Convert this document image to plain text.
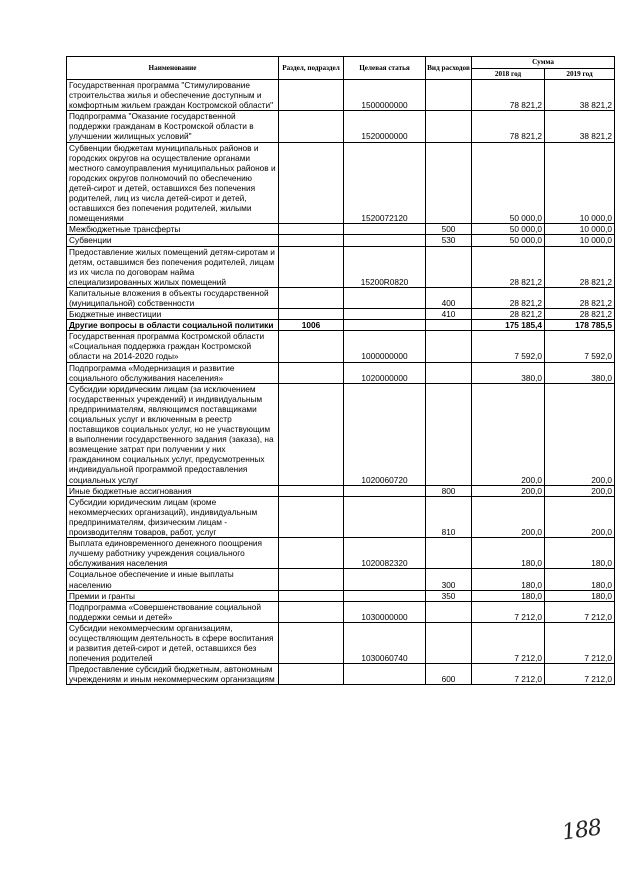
Наименование	Раздел, подраздел	Целевая статья	Вид расходов	Сумма	
				2018 год	2019 год
Государственная программа "Стимулирование строительства жилья и обеспечение доступным и комфортным жильем граждан Костромской области"		1500000000		78 821,2	38 821,2
Подпрограмма "Оказание государственной поддержки гражданам в Костромской области в улучшении жилищных условий"		1520000000		78 821,2	38 821,2
Субвенции бюджетам муниципальных районов и городских округов на осуществление органами местного самоуправления муниципальных районов и городских округов полномочий по обеспечению детей-сирот и детей, оставшихся без попечения родителей, лиц из числа детей-сирот и детей, оставшихся без попечения родителей, жилыми помещениями		1520072120		50 000,0	10 000,0
Межбюджетные трансферты			500	50 000,0	10 000,0
Субвенции			530	50 000,0	10 000,0
Предоставление жилых помещений детям-сиротам и детям, оставшимся без попечения родителей, лицам из их числа по договорам найма специализированных жилых помещений		15200R0820		28 821,2	28 821,2
Капитальные вложения в объекты государственной (муниципальной) собственности			400	28 821,2	28 821,2
Бюджетные инвестиции			410	28 821,2	28 821,2
Другие вопросы в области социальной политики	1006			175 185,4	178 785,5
Государственная программа Костромской области «Социальная поддержка граждан Костромской области на 2014-2020 годы»		1000000000		7 592,0	7 592,0
Подпрограмма «Модернизация и развитие социального обслуживания населения»		1020000000		380,0	380,0
Субсидии юридическим лицам (за исключением государственных учреждений) и индивидуальным предпринимателям, являющимся поставщиками социальных услуг и включенным в реестр поставщиков социальных услуг, но не участвующим в выполнении государственного задания (заказа), на возмещение затрат при получении у них гражданином социальных услуг, предусмотренных индивидуальной программой предоставления социальных услуг		1020060720		200,0	200,0
Иные бюджетные ассигнования			800	200,0	200,0
Субсидии юридическим лицам (кроме некоммерческих организаций), индивидуальным предпринимателям, физическим лицам - производителям товаров, работ, услуг			810	200,0	200,0
Выплата единовременного денежного поощрения лучшему работнику учреждения социального обслуживания населения		1020082320		180,0	180,0
Социальное обеспечение и иные выплаты населению			300	180,0	180,0
Премии и гранты			350	180,0	180,0
Подпрограмма «Совершенствование социальной поддержки семьи и детей»		1030000000		7 212,0	7 212,0
Субсидии некоммерческим организациям, осуществляющим деятельность в сфере воспитания и развития детей-сирот и детей, оставшихся без попечения родителей		1030060740		7 212,0	7 212,0
Предоставление субсидий бюджетным, автономным учреждениям и иным некоммерческим организациям			600	7 212,0	7 212,0
188
